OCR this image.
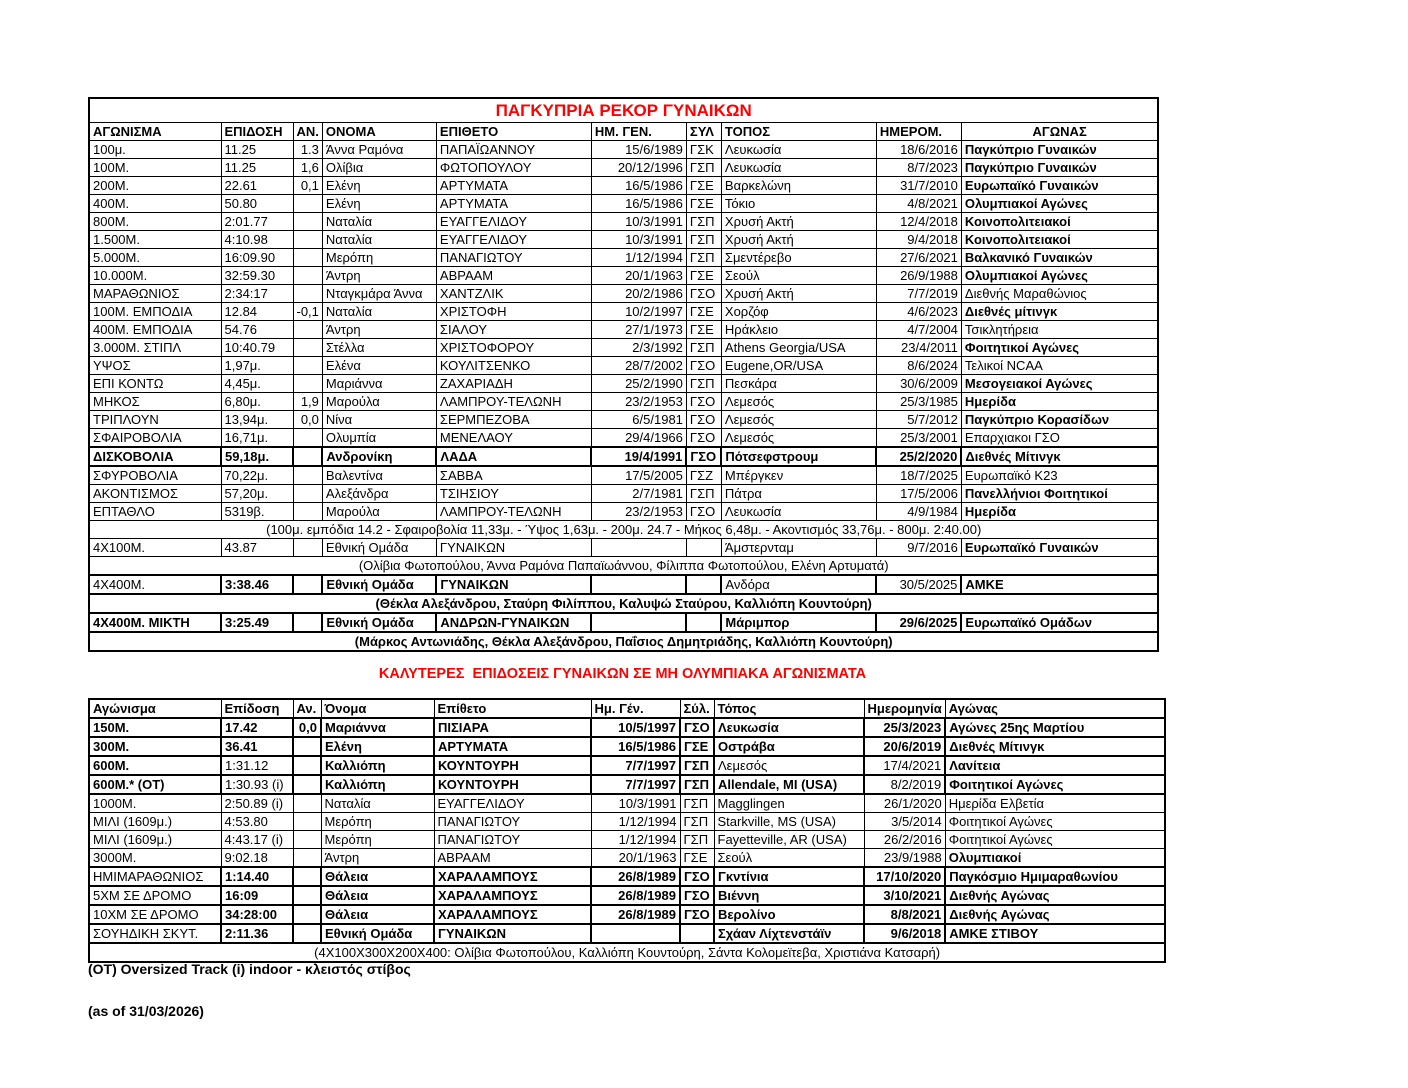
ΠΑΓΚΥΠΡΙΑ ΡΕΚΟΡ ΓΥΝΑΙΚΩΝ									
ΑΓΩΝΙΣΜΑ	ΕΠΙΔΟΣΗ	ΑΝ.	ΟΝΟΜΑ	ΕΠΙΘΕΤΟ	ΗΜ. ΓΕΝ.	ΣΥΛ	ΤΟΠΟΣ	ΗΜΕΡΟΜ.	ΑΓΩΝΑΣ
100μ.	11.25	1.3	Άννα Ραμόνα	ΠΑΠΑΪΩΑΝΝΟΥ	15/6/1989	ΓΣΚ	Λευκωσία	18/6/2016	Παγκύπριο Γυναικών
100Μ.	11.25	1,6	Ολίβια	ΦΩΤΟΠΟΥΛΟΥ	20/12/1996	ΓΣΠ	Λευκωσία	8/7/2023	Παγκύπριο Γυναικών
200Μ.	22.61	0,1	Ελένη	ΑΡΤΥΜΑΤΑ	16/5/1986	ΓΣΕ	Βαρκελώνη	31/7/2010	Ευρωπαϊκό Γυναικών
400Μ.	50.80		Ελένη	ΑΡΤΥΜΑΤΑ	16/5/1986	ΓΣΕ	Τόκιο	4/8/2021	Ολυμπιακοί Αγώνες
800Μ.	2:01.77		Ναταλία	ΕΥΑΓΓΕΛΙΔΟΥ	10/3/1991	ΓΣΠ	Χρυσή Ακτή	12/4/2018	Κοινοπολιτειακοί
1.500Μ.	4:10.98		Ναταλία	ΕΥΑΓΓΕΛΙΔΟΥ	10/3/1991	ΓΣΠ	Χρυσή Ακτή	9/4/2018	Κοινοπολιτειακοί
5.000Μ.	16:09.90		Μερόπη	ΠΑΝΑΓΙΩΤΟΥ	1/12/1994	ΓΣΠ	Σμεντέρεβο	27/6/2021	Βαλκανικό Γυναικών
10.000Μ.	32:59.30		Άντρη	ΑΒΡΑΑΜ	20/1/1963	ΓΣΕ	Σεούλ	26/9/1988	Ολυμπιακοί Αγώνες
ΜΑΡΑΘΩΝΙΟΣ	2:34:17		Νταγκμάρα Άννα	ΧΑΝΤΖΛΙΚ	20/2/1986	ΓΣΟ	Χρυσή Ακτή	7/7/2019	Διεθνής Μαραθώνιος
100Μ. ΕΜΠΟΔΙΑ	12.84	-0,1	Ναταλία	ΧΡΙΣΤΟΦΗ	10/2/1997	ΓΣΕ	Χορζόφ	4/6/2023	Διεθνές μίτινγκ
400Μ. ΕΜΠΟΔΙΑ	54.76		Άντρη	ΣΙΑΛΟΥ	27/1/1973	ΓΣΕ	Ηράκλειο	4/7/2004	Τσικλητήρεια
3.000Μ. ΣΤΙΠΛ	10:40.79		Στέλλα	ΧΡΙΣΤΟΦΟΡΟΥ	2/3/1992	ΓΣΠ	Athens Georgia/USA	23/4/2011	Φοιτητικοί Αγώνες
ΥΨΟΣ	1,97μ.		Ελένα	ΚΟΥΛΙΤΣΕΝΚΟ	28/7/2002	ΓΣΟ	Eugene,OR/USA	8/6/2024	Τελικοί NCAA
ΕΠΙ ΚΟΝΤΩ	4,45μ.		Μαριάννα	ΖΑΧΑΡΙΑΔΗ	25/2/1990	ΓΣΠ	Πεσκάρα	30/6/2009	Μεσογειακοί Αγώνες
ΜΗΚΟΣ	6,80μ.	1,9	Μαρούλα	ΛΑΜΠΡΟΥ-ΤΕΛΩΝΗ	23/2/1953	ΓΣΟ	Λεμεσός	25/3/1985	Ημερίδα
ΤΡΙΠΛΟΥΝ	13,94μ.	0,0	Νίνα	ΣΕΡΜΠΕΖΟΒΑ	6/5/1981	ΓΣΟ	Λεμεσός	5/7/2012	Παγκύπριο Κορασίδων
ΣΦΑΙΡΟΒΟΛΙΑ	16,71μ.		Ολυμπία	ΜΕΝΕΛΑΟΥ	29/4/1966	ΓΣΟ	Λεμεσός	25/3/2001	Επαρχιακοι ΓΣΟ
ΔΙΣΚΟΒΟΛΙΑ	59,18μ.		Ανδρονίκη	ΛΑΔΑ	19/4/1991	ΓΣΟ	Πότσεφστρουμ	25/2/2020	Διεθνές Μίτινγκ
ΣΦΥΡΟΒΟΛΙΑ	70,22μ.		Βαλεντίνα	ΣΑΒΒΑ	17/5/2005	ΓΣΖ	Μπέργκεν	18/7/2025	Ευρωπαϊκό Κ23
ΑΚΟΝΤΙΣΜΟΣ	57,20μ.		Αλεξάνδρα	ΤΣΙΗΣΙΟΥ	2/7/1981	ΓΣΠ	Πάτρα	17/5/2006	Πανελλήνιοι Φοιτητικοί
ΕΠΤΑΘΛΟ	5319β.		Μαρούλα	ΛΑΜΠΡΟΥ-ΤΕΛΩΝΗ	23/2/1953	ΓΣΟ	Λευκωσία	4/9/1984	Ημερίδα
(100μ. εμπόδια 14.2 - Σφαιροβολία 11,33μ. - Ύψος 1,63μ. - 200μ. 24.7 - Μήκος 6,48μ. - Ακοντισμός 33,76μ. - 800μ. 2:40.00)									
4X100Μ.	43.87		Εθνική Ομάδα	ΓΥΝΑΙΚΩΝ			Άμστερνταμ	9/7/2016	Ευρωπαϊκό Γυναικών
(Ολίβια Φωτοπούλου, Άννα Ραμόνα Παπαϊωάννου, Φίλιππα Φωτοπούλου, Ελένη Αρτυματά)									
4X400Μ.	3:38.46		Εθνική Ομάδα	ΓΥΝΑΙΚΩΝ			Ανδόρα	30/5/2025	ΑΜΚΕ
(Θέκλα Αλεξάνδρου, Σταύρη Φιλίππου, Καλυψώ Σταύρου, Καλλιόπη Κουντούρη)									
4X400Μ. ΜΙΚΤΗ	3:25.49		Εθνική Ομάδα	ΑΝΔΡΩΝ-ΓΥΝΑΙΚΩΝ			Μάριμπορ	29/6/2025	Ευρωπαϊκό Ομάδων
(Μάρκος Αντωνιάδης, Θέκλα Αλεξάνδρου, Παΐσιος Δημητριάδης, Καλλιόπη Κουντούρη)									
ΚΑΛΥΤΕΡΕΣ  ΕΠΙΔΟΣΕΙΣ ΓΥΝΑΙΚΩΝ ΣΕ ΜΗ ΟΛΥΜΠΙΑΚΑ ΑΓΩΝΙΣΜΑΤΑ
Αγώνισμα	Επίδοση	Αν.	Όνομα	Επίθετο	Ημ. Γέν.	Σύλ.	Τόπος	Ημερομηνία	Αγώνας
150Μ.	17.42	0,0	Μαριάννα	ΠΙΣΙΑΡΑ	10/5/1997	ΓΣΟ	Λευκωσία	25/3/2023	Αγώνες 25ης Μαρτίου
300Μ.	36.41		Ελένη	ΑΡΤΥΜΑΤΑ	16/5/1986	ΓΣΕ	Οστράβα	20/6/2019	Διεθνές Μίτινγκ
600Μ.	1:31.12		Καλλιόπη	ΚΟΥΝΤΟΥΡΗ	7/7/1997	ΓΣΠ	Λεμεσός	17/4/2021	Λανίτεια
600Μ.* (ΟΤ)	1:30.93 (i)		Καλλιόπη	ΚΟΥΝΤΟΥΡΗ	7/7/1997	ΓΣΠ	Allendale, MI (USA)	8/2/2019	Φοιτητικοί Αγώνες
1000Μ.	2:50.89 (i)		Ναταλία	ΕΥΑΓΓΕΛΙΔΟΥ	10/3/1991	ΓΣΠ	Magglingen	26/1/2020	Ημερίδα Ελβετία
ΜΙΛΙ (1609μ.)	4:53.80		Μερόπη	ΠΑΝΑΓΙΩΤΟΥ	1/12/1994	ΓΣΠ	Starkville, MS (USA)	3/5/2014	Φοιτητικοί Αγώνες
ΜΙΛΙ (1609μ.)	4:43.17 (i)		Μερόπη	ΠΑΝΑΓΙΩΤΟΥ	1/12/1994	ΓΣΠ	Fayetteville, AR (USA)	26/2/2016	Φοιτητικοί Αγώνες
3000Μ.	9:02.18		Άντρη	ΑΒΡΑΑΜ	20/1/1963	ΓΣΕ	Σεούλ	23/9/1988	Ολυμπιακοί
ΗΜΙΜΑΡΑΘΩΝΙΟΣ	1:14.40		Θάλεια	ΧΑΡΑΛΑΜΠΟΥΣ	26/8/1989	ΓΣΟ	Γκντίνια	17/10/2020	Παγκόσμιο Ημιμαραθωνίου
5ΧΜ ΣΕ ΔΡΟΜΟ	16:09		Θάλεια	ΧΑΡΑΛΑΜΠΟΥΣ	26/8/1989	ΓΣΟ	Βιέννη	3/10/2021	Διεθνής Αγώνας
10ΧΜ ΣΕ ΔΡΟΜΟ	34:28:00		Θάλεια	ΧΑΡΑΛΑΜΠΟΥΣ	26/8/1989	ΓΣΟ	Βερολίνο	8/8/2021	Διεθνής Αγώνας
ΣΟΥΗΔΙΚΗ ΣΚΥΤ.	2:11.36		Εθνική Ομάδα	ΓΥΝΑΙΚΩΝ			Σχάαν Λίχτενστάϊν	9/6/2018	ΑΜΚΕ ΣΤΙΒΟΥ
(4X100X300X200X400: Ολίβια Φωτοπούλου, Καλλιόπη Κουντούρη, Σάντα Κολομεϊτεβα, Χριστιάνα Κατσαρή)									
(ΟΤ) Oversized Track (i) indoor - κλειστός στίβος
(as of 31/03/2026)
